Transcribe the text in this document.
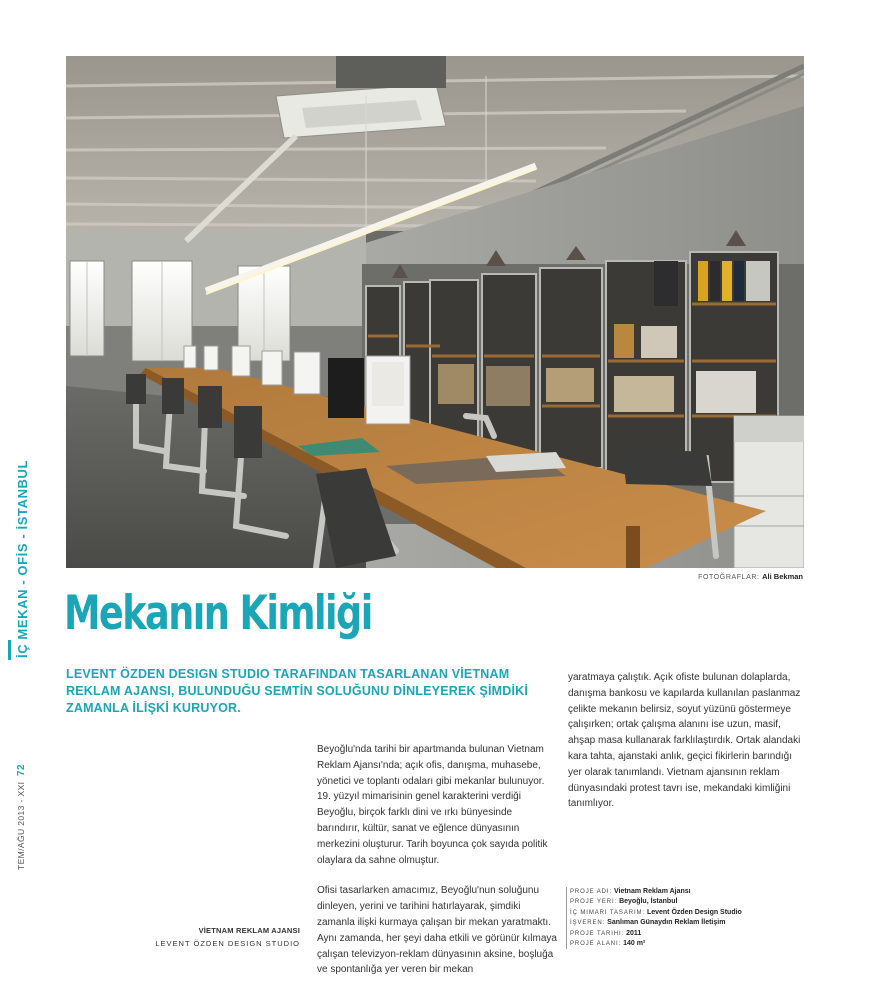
FOTOĞRAFLAR: Ali Bekman
İÇ MEKAN - OFİS - İSTANBUL
TEM/AĞU 2013 - XXI  72
Mekanın Kimliği

LEVENT ÖZDEN DESIGN STUDIO TARAFINDAN TASARLANAN VİETNAM REKLAM AJANSI, BULUNDUĞU SEMTİN SOLUĞUNU DİNLEYEREK ŞİMDİKİ ZAMANLA İLİŞKİ KURUYOR.

Beyoğlu'nda tarihi bir apartmanda bulunan Vietnam Reklam Ajansı'nda; açık ofis, danışma, muhasebe, yönetici ve toplantı odaları gibi mekanlar bulunuyor. 19. yüzyıl mimarisinin genel karakterini verdiği Beyoğlu, birçok farklı dini ve ırkı bünyesinde barındırır, kültür, sanat ve eğlence dünyasının merkezini oluşturur. Tarih boyunca çok sayıda politik olaylara da sahne olmuştur.

Ofisi tasarlarken amacımız, Beyoğlu'nun soluğunu dinleyen, yerini ve tarihini hatırlayarak, şimdiki zamanla ilişki kurmaya çalışan bir mekan yaratmaktı. Aynı zamanda, her şeyi daha etkili ve görünür kılmaya çalışan televizyon-reklam dünyasının aksine, boşluğa ve spontanlığa yer veren bir mekan

yaratmaya çalıştık. Açık ofiste bulunan dolaplarda, danışma bankosu ve kapılarda kullanılan paslanmaz çelikte mekanın belirsiz, soyut yüzünü göstermeye çalışırken; ortak çalışma alanını ise uzun, masif, ahşap masa kullanarak farklılaştırdık. Ortak alandaki kara tahta, ajanstaki anlık, geçici fikirlerin barındığı yer olarak tanımlandı. Vietnam ajansının reklam dünyasındaki protest tavrı ise, mekandaki kimliğini tanımlıyor.

VİETNAM REKLAM AJANSI
LEVENT ÖZDEN DESIGN STUDIO
PROJE ADI: Vietnam Reklam Ajansı
PROJE YERI: Beyoğlu, İstanbul
İÇ MIMARI TASARIM: Levent Özden Design Studio
İŞVEREN: Sanlıman Günaydın Reklam İletişim
PROJE TARIHI: 2011
PROJE ALANI: 140 m²
